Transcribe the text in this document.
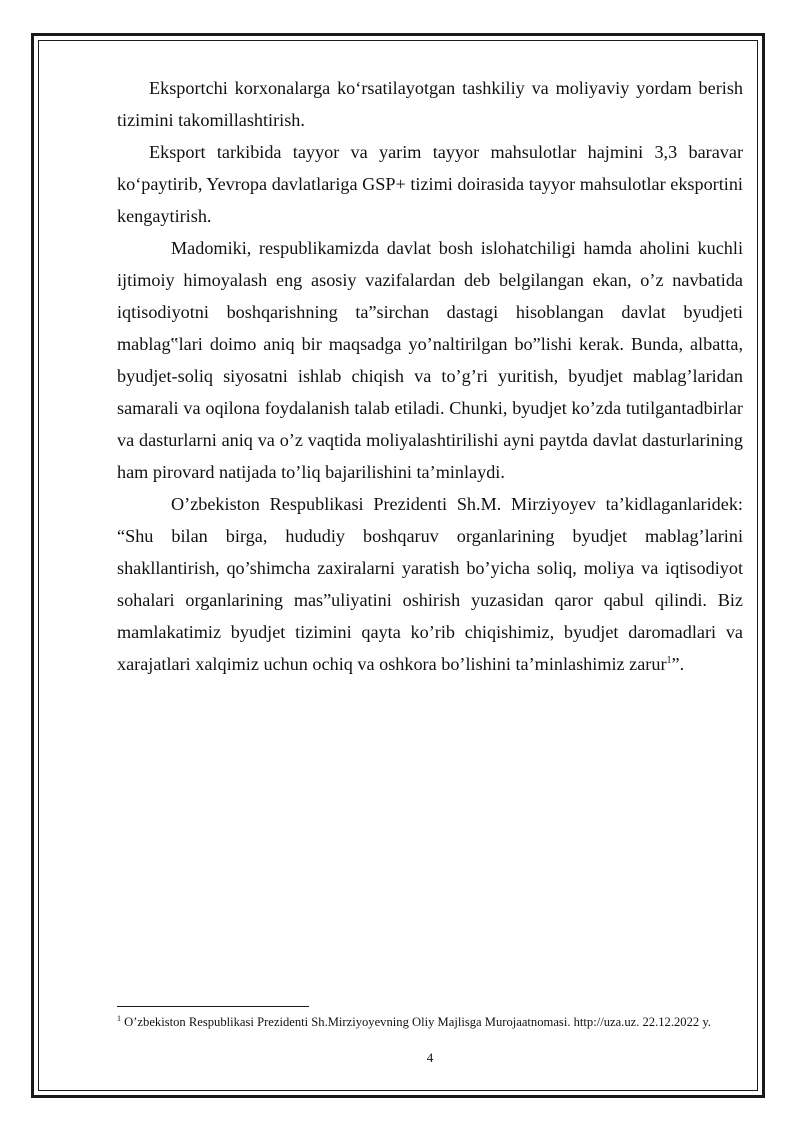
Eksportchi korxonalarga ko‘rsatilayotgan tashkiliy va moliyaviy yordam berish tizimini takomillashtirish.

Eksport tarkibida tayyor va yarim tayyor mahsulotlar hajmini 3,3 baravar ko‘paytirib, Yevropa davlatlariga GSP+ tizimi doirasida tayyor mahsulotlar eksportini kengaytirish.

Madomiki, respublikamizda davlat bosh islohatchiligi hamda aholini kuchli ijtimoiy himoyalash eng asosiy vazifalardan deb belgilangan ekan, o’z navbatida iqtisodiyotni boshqarishning ta”sirchan dastagi hisoblangan davlat byudjeti mablag‟lari doimo aniq bir maqsadga yo’naltirilgan bo”lishi kerak. Bunda, albatta, byudjet-soliq siyosatni ishlab chiqish va to’g’ri yuritish, byudjet mablag’laridan samarali va oqilona foydalanish talab etiladi. Chunki, byudjet ko’zda tutilgantadbirlar va dasturlarni aniq va o’z vaqtida moliyalashtirilishi ayni paytda davlat dasturlarining ham pirovard natijada to’liq bajarilishini ta’minlaydi.

O’zbekiston Respublikasi Prezidenti Sh.M. Mirziyoyev ta’kidlaganlaridek: “Shu bilan birga, hududiy boshqaruv organlarining byudjet mablag’larini shakllantirish, qo’shimcha zaxiralarni yaratish bo’yicha soliq, moliya va iqtisodiyot sohalari organlarining mas”uliyatini oshirish yuzasidan qaror qabul qilindi. Biz mamlakatimiz byudjet tizimini qayta ko’rib chiqishimiz, byudjet daromadlari va xarajatlari xalqimiz uchun ochiq va oshkora bo’lishini ta’minlashimiz zarur$^1$”.

$^1$ O’zbekiston Respublikasi Prezidenti Sh.Mirziyoyevning Oliy Majlisga Murojaatnomasi. http://uza.uz. 22.12.2022 y.

4
